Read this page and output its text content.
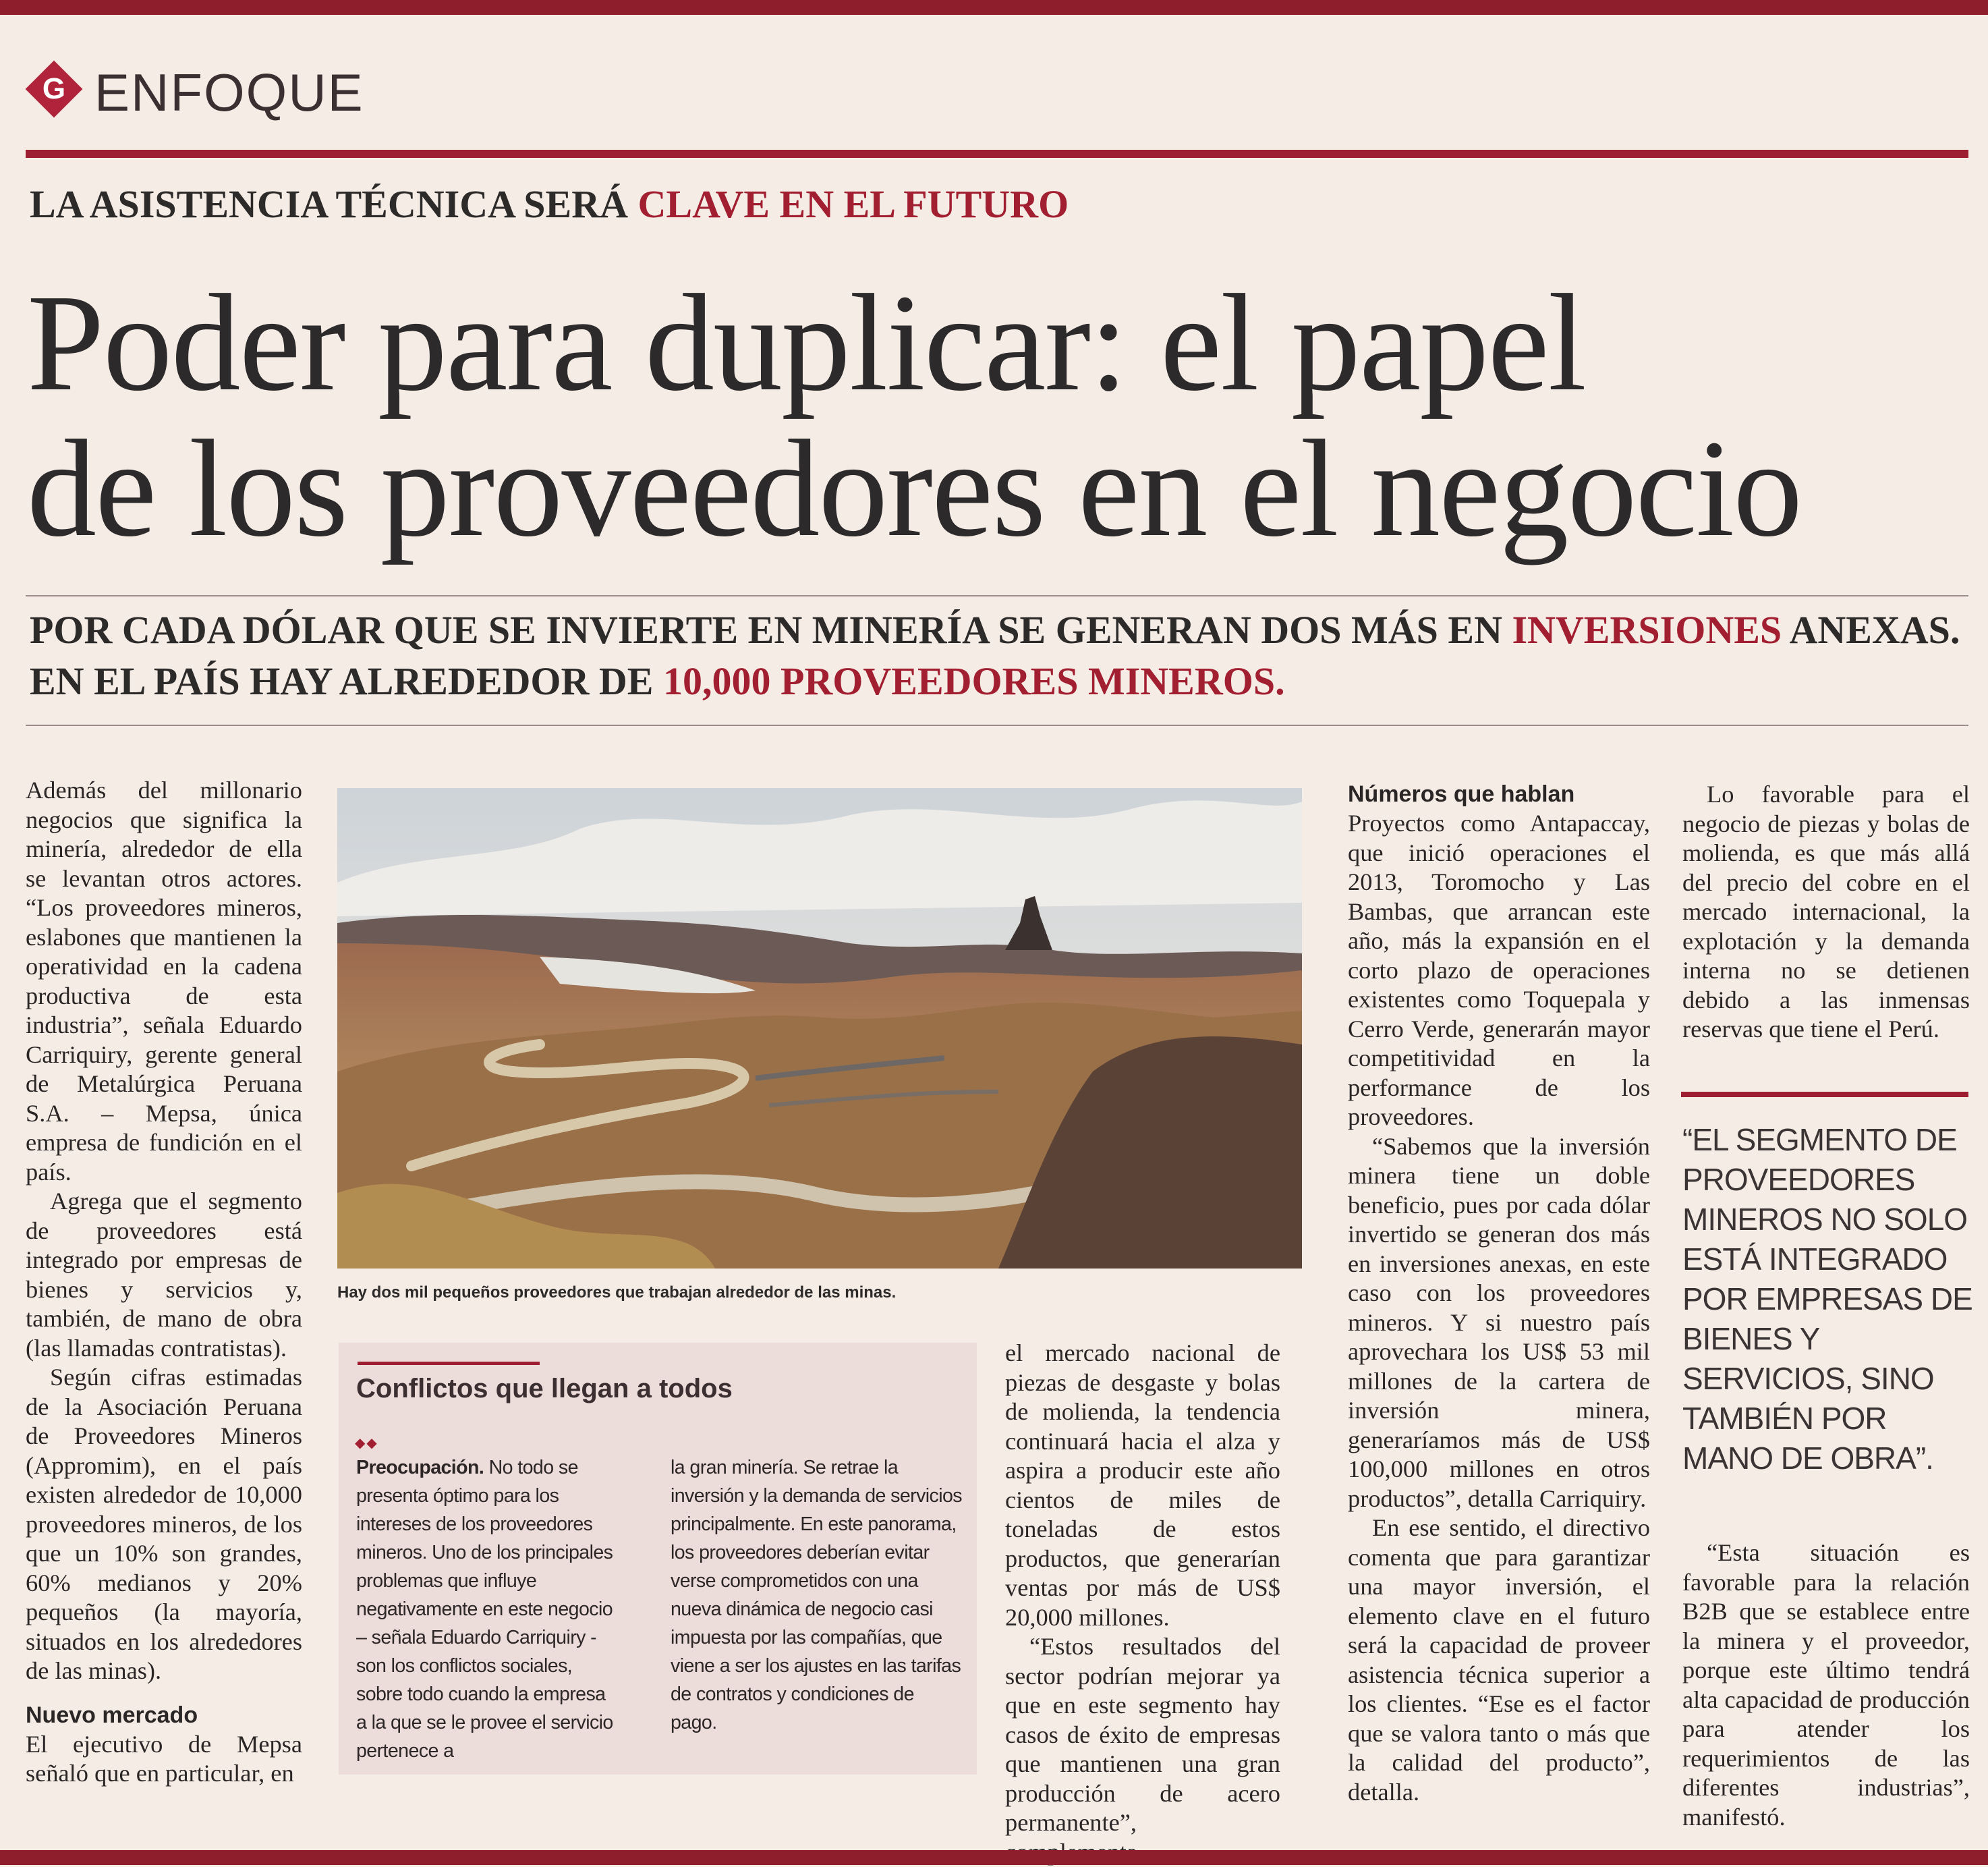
G ENFOQUE
LA ASISTENCIA TÉCNICA SERÁ CLAVE EN EL FUTURO
Poder para duplicar: el papel
de los proveedores en el negocio
POR CADA DÓLAR QUE SE INVIERTE EN MINERÍA SE GENERAN DOS MÁS EN INVERSIONES ANEXAS.
EN EL PAÍS HAY ALREDEDOR DE 10,000 PROVEEDORES MINEROS.

Además del millonario negocios que significa la minería, alrededor de ella se levantan otros actores. “Los proveedores mineros, eslabones que mantienen la operatividad en la cadena productiva de esta industria”, señala Eduardo Carriquiry, gerente general de Metalúrgica Peruana S.A. – Mepsa, única empresa de fundición en el país.

Agrega que el segmento de proveedores está integrado por empresas de bienes y servicios y, también, de mano de obra (las llamadas contratistas).

Según cifras estimadas de la Asociación Peruana de Proveedores Mineros (Appromim), en el país existen alrededor de 10,000 proveedores mineros, de los que un 10% son grandes, 60% medianos y 20% pequeños (la mayoría, situados en los alrededores de las minas).

Nuevo mercado

El ejecutivo de Mepsa señaló que en particular, en

Hay dos mil pequeños proveedores que trabajan alrededor de las minas.
Conflictos que llegan a todos
◆◆

Preocupación. No todo se presenta óptimo para los intereses de los proveedores mineros. Uno de los principales problemas que influye negativamente en este negocio – señala Eduardo Carriquiry - son los conflictos sociales, sobre todo cuando la empresa a la que se le provee el servicio pertenece a

la gran minería. Se retrae la inversión y la demanda de servicios principalmente. En este panorama, los proveedores deberían evitar verse comprometidos con una nueva dinámica de negocio casi impuesta por las compañías, que viene a ser los ajustes en las tarifas de contratos y condiciones de pago.

el mercado nacional de piezas de desgaste y bolas de molienda, la tendencia continuará hacia el alza y aspira a producir este año cientos de miles de toneladas de estos productos, que generarían ventas por más de US$ 20,000 millones.

“Estos resultados del sector podrían mejorar ya que en este segmento hay casos de éxito de empresas que mantienen una gran producción de acero permanente”,

Números que hablan

Proyectos como Antapaccay, que inició operaciones el 2013, Toromocho y Las Bambas, que arrancan este año, más la expansión en el corto plazo de operaciones existentes como Toquepala y Cerro Verde, generarán mayor competitividad en la performance de los proveedores.

“Sabemos que la inversión minera tiene un doble beneficio, pues por cada dólar invertido se generan dos más en inversiones anexas, en este caso con los proveedores mineros. Y si nuestro país aprovechara los US$ 53 mil millones de la cartera de inversión minera, generaríamos más de US$ 100,000 millones en otros productos”, detalla Carriquiry.

En ese sentido, el directivo comenta que para garantizar una mayor inversión, el elemento clave en el futuro será la capacidad de proveer asistencia técnica superior a los clientes. “Ese es el factor que se valora tanto o más que la calidad del producto”, detalla.

Lo favorable para el negocio de piezas y bolas de molienda, es que más allá del precio del cobre en el mercado internacional, la explotación y la demanda interna no se detienen debido a las inmensas reservas que tiene el Perú.

“EL SEGMENTO DE PROVEEDORES MINEROS NO SOLO ESTÁ INTEGRADO POR EMPRESAS DE BIENES Y SERVICIOS, SINO TAMBIÉN POR MANO DE OBRA”.

“Esta situación es favorable para la relación B2B que se establece entre la minera y el proveedor, porque este último tendrá alta capacidad de producción para atender los requerimientos de las diferentes industrias”, manifestó.
